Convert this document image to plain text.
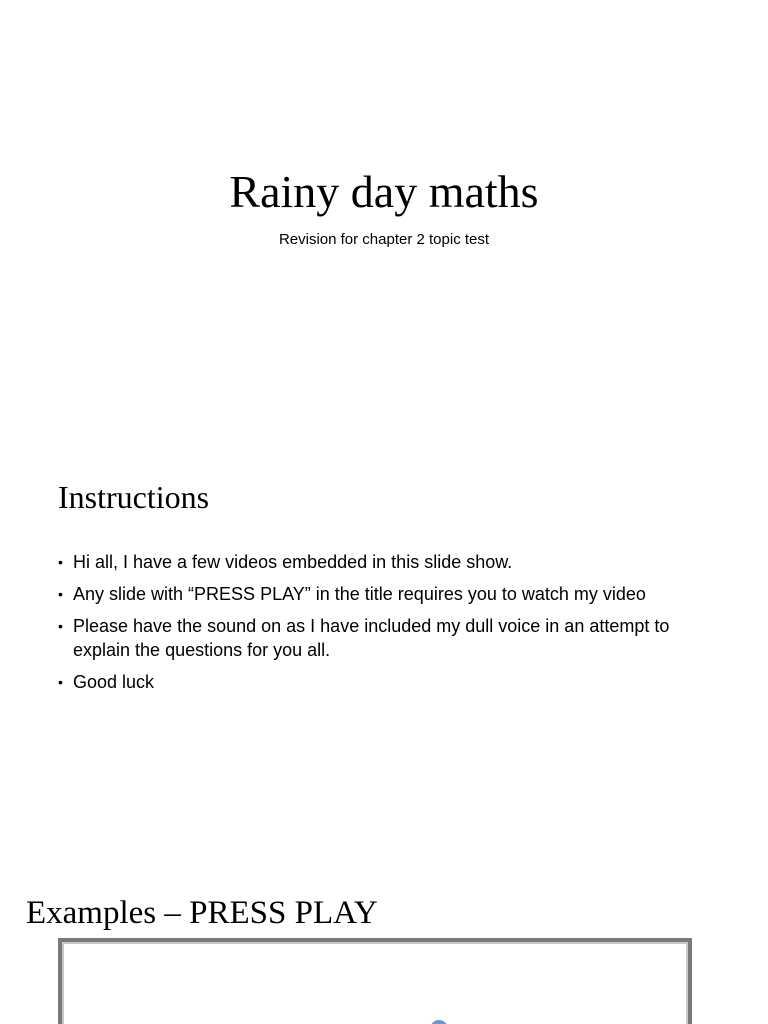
Rainy day maths
Revision for chapter 2 topic test
Instructions
• Hi all, I have a few videos embedded in this slide show.
• Any slide with “PRESS PLAY” in the title requires you to watch my video
• Please have the sound on as I have included my dull voice in an attempt to explain the questions for you all.
• Good luck
Examples – PRESS PLAY
